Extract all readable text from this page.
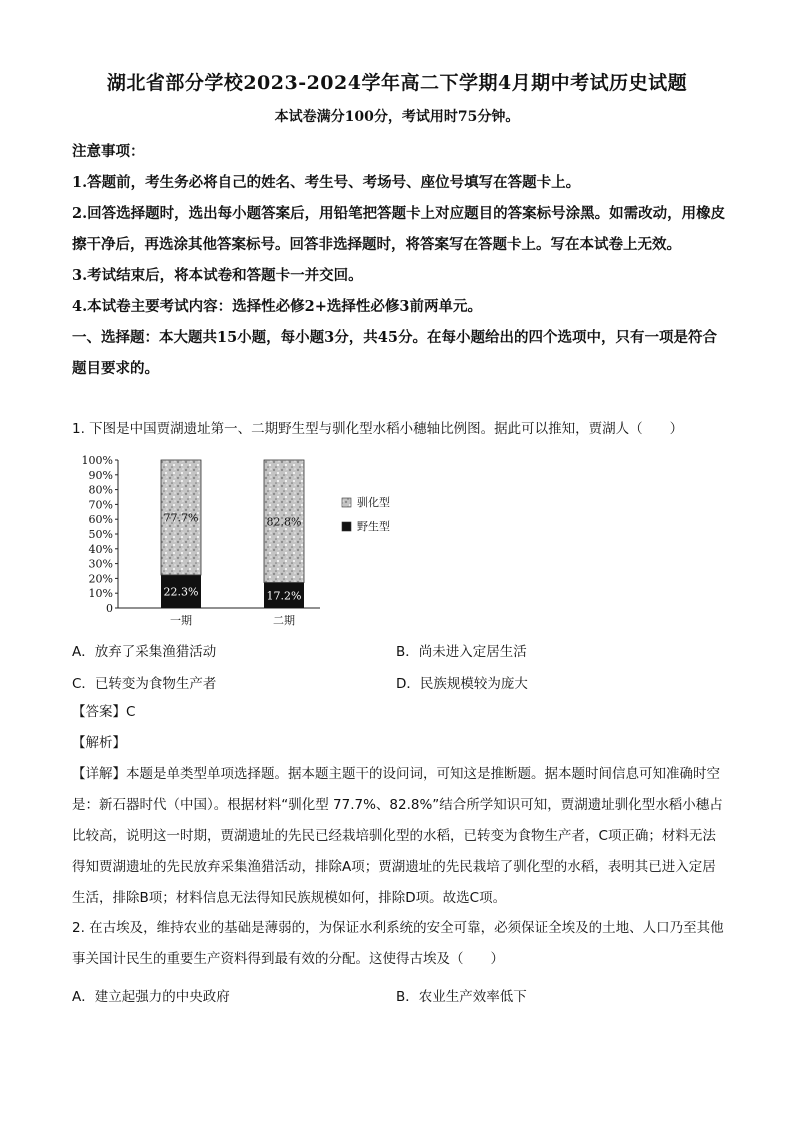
湖北省部分学校2023-2024学年高二下学期4月期中考试历史试题
本试卷满分100分，考试用时75分钟。

注意事项：

1.答题前，考生务必将自己的姓名、考生号、考场号、座位号填写在答题卡上。

2.回答选择题时，选出每小题答案后，用铅笔把答题卡上对应题目的答案标号涂黑。如需改动，用橡皮擦干净后，再选涂其他答案标号。回答非选择题时，将答案写在答题卡上。写在本试卷上无效。

3.考试结束后，将本试卷和答题卡一并交回。

4.本试卷主要考试内容：选择性必修2+选择性必修3前两单元。

一、选择题：本大题共15小题，每小题3分，共45分。在每小题给出的四个选项中，只有一项是符合题目要求的。

1. 下图是中国贾湖遗址第一、二期野生型与驯化型水稻小穗轴比例图。据此可以推知，贾湖人（　　）
0
10%
20%
30%
40%
50%
60%
70%
80%
90%
100%
77.7%
22.3%
82.8%
17.2%
一期	二期
驯化型
野生型
A．放弃了采集渔猎活动	B．尚未进入定居生活
C．已转变为食物生产者	D．民族规模较为庞大

【答案】C

【解析】

【详解】本题是单类型单项选择题。据本题主题干的设问词，可知这是推断题。据本题时间信息可知准确时空是：新石器时代（中国）。根据材料“驯化型 77.7%、82.8%”结合所学知识可知，贾湖遗址驯化型水稻小穗占比较高，说明这一时期，贾湖遗址的先民已经栽培驯化型的水稻，已转变为食物生产者，C项正确；材料无法得知贾湖遗址的先民放弃采集渔猎活动，排除A项；贾湖遗址的先民栽培了驯化型的水稻，表明其已进入定居生活，排除B项；材料信息无法得知民族规模如何，排除D项。故选C项。

2. 在古埃及，维持农业的基础是薄弱的，为保证水利系统的安全可靠，必须保证全埃及的土地、人口乃至其他事关国计民生的重要生产资料得到最有效的分配。这使得古埃及（　　）
A．建立起强力的中央政府	B．农业生产效率低下
